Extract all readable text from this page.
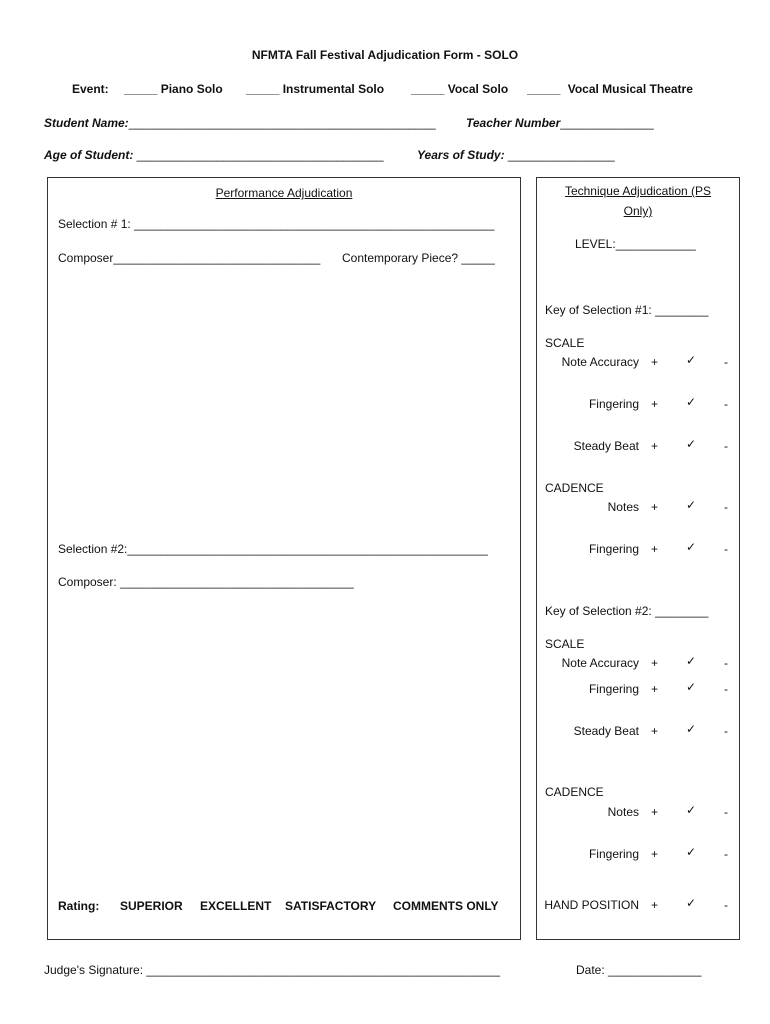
NFMTA Fall Festival Adjudication Form - SOLO
Event: _____ Piano Solo _____ Instrumental Solo _____ Vocal Solo _____ Vocal Musical Theatre
Student Name:______________________________________________	Teacher Number______________
Age of Student: _____________________________________	Years of Study: ________________
Performance Adjudication
Selection # 1: ______________________________________________________
Composer_______________________________ Contemporary Piece? _____
Selection #2:______________________________________________________
Composer: ___________________________________
Rating: SUPERIOR EXCELLENT SATISFACTORY COMMENTS ONLY
Technique Adjudication (PS
Only)
LEVEL:____________
Key of Selection #1: ________
SCALE
CADENCE
Key of Selection #2: ________
SCALE
CADENCE
Note Accuracy + ✓ -
Fingering + ✓ -
Steady Beat + ✓ -
Notes + ✓ -
Fingering + ✓ -
Note Accuracy + ✓ -
Fingering + ✓ -
Steady Beat + ✓ -
Notes + ✓ -
Fingering + ✓ -
HAND POSITION + ✓ -
Judge's Signature: _____________________________________________________	Date: ______________
